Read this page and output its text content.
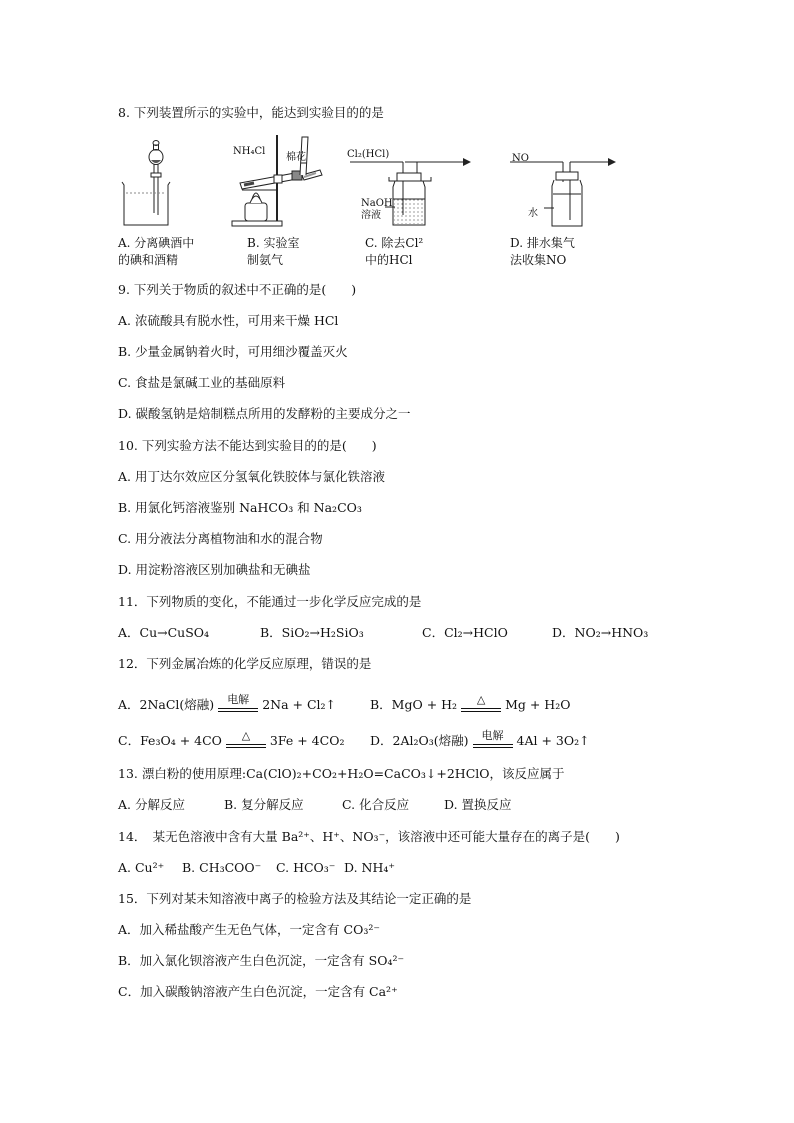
8. 下列装置所示的实验中，能达到实验目的的是
NH₄Cl
棉花	Cl₂(HCl)
NaOH
溶液
NO
水
A. 分离碘酒中
的碘和酒精
B. 实验室
制氨气
C. 除去Cl²
中的HCl
D. 排水集气
法收集NO
9. 下列关于物质的叙述中不正确的是(　　)
A. 浓硫酸具有脱水性，可用来干燥 HCl
B. 少量金属钠着火时，可用细沙覆盖灭火
C. 食盐是氯碱工业的基础原料
D. 碳酸氢钠是焙制糕点所用的发酵粉的主要成分之一
10. 下列实验方法不能达到实验目的的是(　　)
A. 用丁达尔效应区分氢氧化铁胶体与氯化铁溶液
B. 用氯化钙溶液鉴别 NaHCO₃ 和 Na₂CO₃
C. 用分液法分离植物油和水的混合物
D. 用淀粉溶液区别加碘盐和无碘盐
11．下列物质的变化，不能通过一步化学反应完成的是
A．Cu→CuSO₄	B．SiO₂→H₂SiO₃	C．Cl₂→HClO	D．NO₂→HNO₃
12．下列金属冶炼的化学反应原理，错误的是
A．2NaCl(熔融)	电解	2Na + Cl₂↑	B．MgO + H₂	△	Mg + H₂O
C．Fe₃O₄ + 4CO	△	3Fe + 4CO₂ D．2Al₂O₃(熔融)	电解	4Al + 3O₂↑
13. 漂白粉的使用原理:Ca(ClO)₂+CO₂+H₂O=CaCO₃↓+2HClO，该反应属于
A. 分解反应	B. 复分解反应	C. 化合反应	D. 置换反应
14． 某无色溶液中含有大量 Ba²⁺、H⁺、NO₃⁻，该溶液中还可能大量存在的离子是(　　)
A. Cu²⁺ B. CH₃COO⁻ C. HCO₃⁻ D. NH₄⁺
15．下列对某未知溶液中离子的检验方法及其结论一定正确的是
A．加入稀盐酸产生无色气体，一定含有 CO₃²⁻
B．加入氯化钡溶液产生白色沉淀，一定含有 SO₄²⁻
C．加入碳酸钠溶液产生白色沉淀，一定含有 Ca²⁺
